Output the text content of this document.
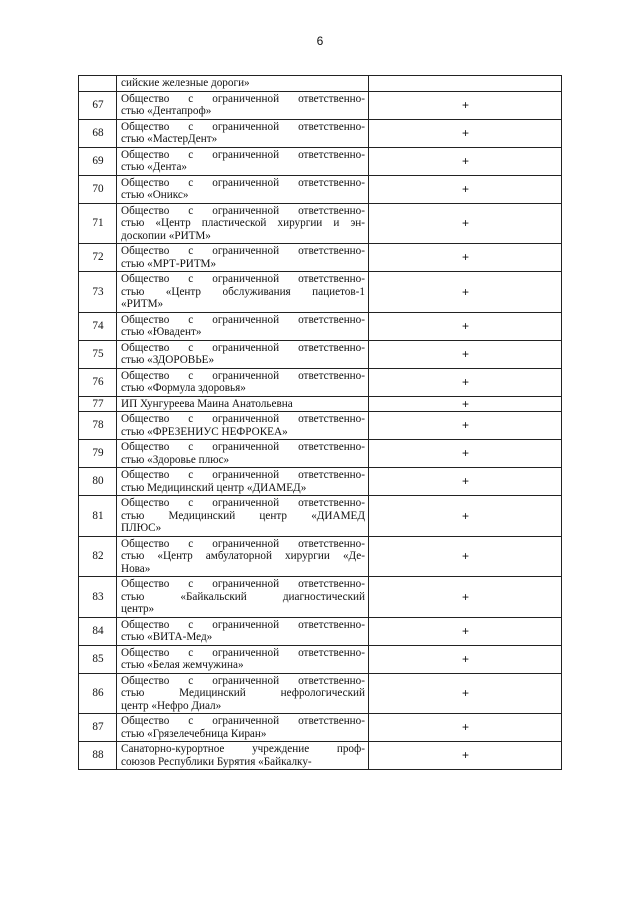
6

	сийские железные дороги»	

67	Общество с ограниченной ответственно-
стью «Дентапроф»	+
68	Общество с ограниченной ответственно-
стью «МастерДент»	+
69	Общество с ограниченной ответственно-
стью «Дента»	+
70	Общество с ограниченной ответственно-
стью «Оникс»	+
71	Общество с ограниченной ответственно-
стью «Центр пластической хирургии и эн-
доскопии «РИТМ»	+
72	Общество с ограниченной ответственно-
стью «МРТ-РИТМ»	+
73	Общество с ограниченной ответственно-
стью «Центр обслуживания пациетов-1
«РИТМ»	+
74	Общество с ограниченной ответственно-
стью «Ювадент»	+
75	Общество с ограниченной ответственно-
стью «ЗДОРОВЬЕ»	+
76	Общество с ограниченной ответственно-
стью «Формула здоровья»	+
77	ИП Хунгуреева Маина Анатольевна	+
78	Общество с ограниченной ответственно-
стью «ФРЕЗЕНИУС НЕФРОКЕА»	+
79	Общество с ограниченной ответственно-
стью «Здоровье плюс»	+
80	Общество с ограниченной ответственно-
стью Медицинский центр «ДИАМЕД»	+
81	Общество с ограниченной ответственно-
стью Медицинский центр «ДИАМЕД
ПЛЮС»	+
82	Общество с ограниченной ответственно-
стью «Центр амбулаторной хирургии «Де-
Нова»	+
83	Общество с ограниченной ответственно-
стью «Байкальский диагностический
центр»	+
84	Общество с ограниченной ответственно-
стью «ВИТА-Мед»	+
85	Общество с ограниченной ответственно-
стью «Белая жемчужина»	+
86	Общество с ограниченной ответственно-
стью Медицинский нефрологический
центр «Нефро Диал»	+
87	Общество с ограниченной ответственно-
стью «Грязелечебница Киран»	+
88	Санаторно-курортное учреждение проф-
союзов Республики Бурятия «Байкалку-	+
